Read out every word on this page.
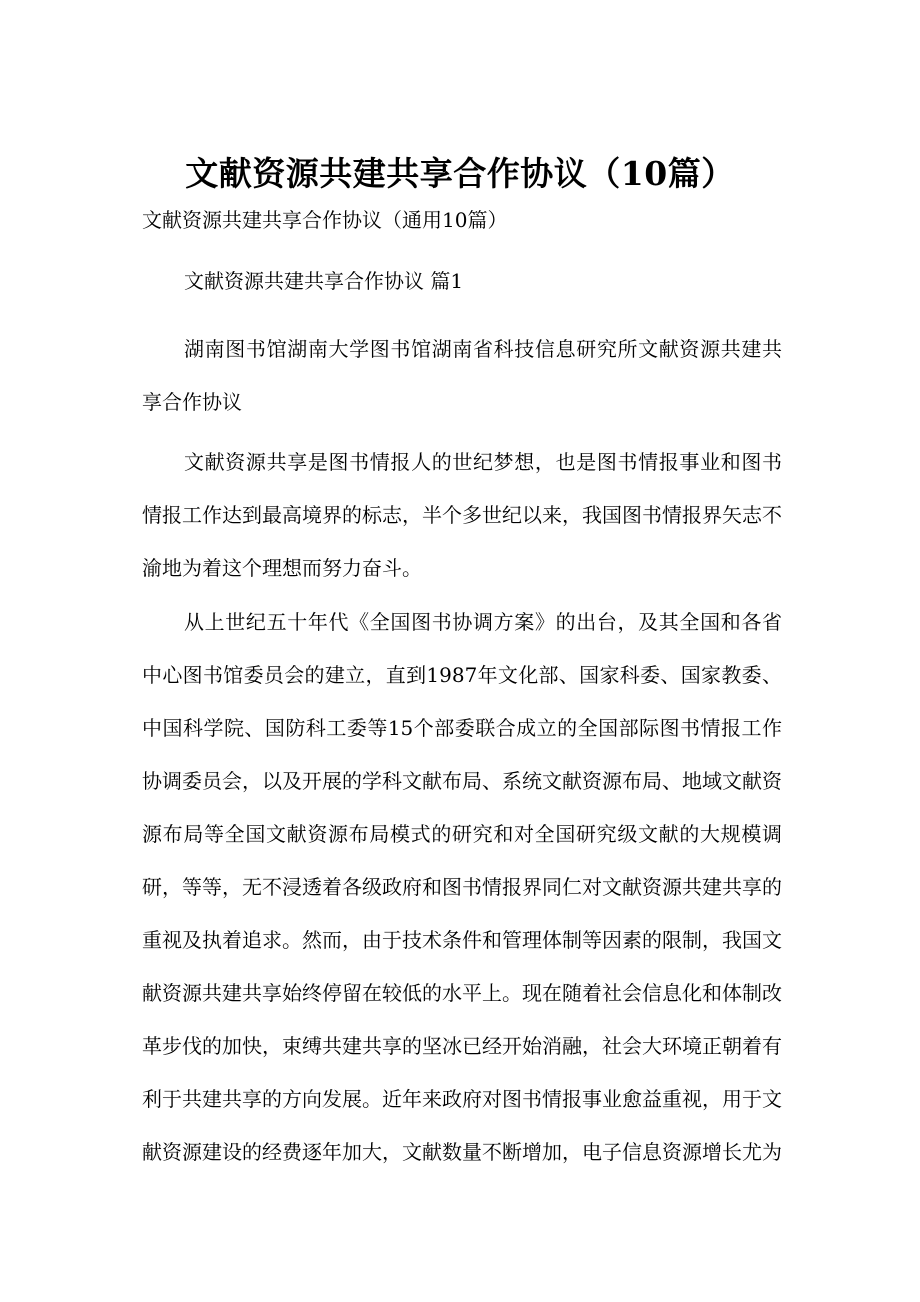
文献资源共建共享合作协议（10篇）
文献资源共建共享合作协议（通用10篇）

文献资源共建共享合作协议 篇1

湖南图书馆湖南大学图书馆湖南省科技信息研究所文献资源共建共享合作协议

文献资源共享是图书情报人的世纪梦想，也是图书情报事业和图书情报工作达到最高境界的标志，半个多世纪以来，我国图书情报界矢志不渝地为着这个理想而努力奋斗。

从上世纪五十年代《全国图书协调方案》的出台，及其全国和各省中心图书馆委员会的建立，直到1987年文化部、国家科委、国家教委、中国科学院、国防科工委等15个部委联合成立的全国部际图书情报工作协调委员会，以及开展的学科文献布局、系统文献资源布局、地域文献资源布局等全国文献资源布局模式的研究和对全国研究级文献的大规模调研，等等，无不浸透着各级政府和图书情报界同仁对文献资源共建共享的重视及执着追求。然而，由于技术条件和管理体制等因素的限制，我国文献资源共建共享始终停留在较低的水平上。现在随着社会信息化和体制改革步伐的加快，束缚共建共享的坚冰已经开始消融，社会大环境正朝着有利于共建共享的方向发展。近年来政府对图书情报事业愈益重视，用于文献资源建设的经费逐年加大，文献数量不断增加，电子信息资源增长尤为
